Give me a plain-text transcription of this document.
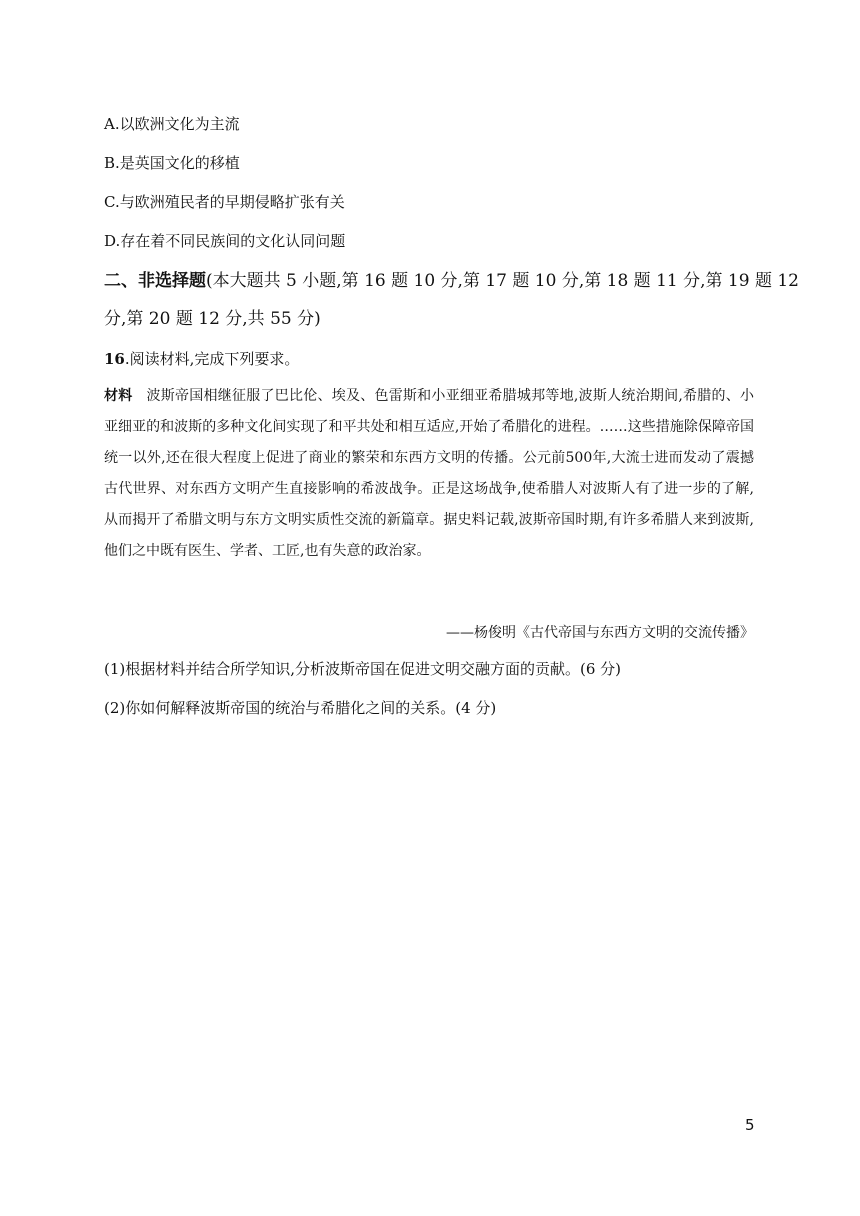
A.以欧洲文化为主流
B.是英国文化的移植
C.与欧洲殖民者的早期侵略扩张有关
D.存在着不同民族间的文化认同问题
二、非选择题(本大题共 5 小题,第 16 题 10 分,第 17 题 10 分,第 18 题 11 分,第 19 题 12
分,第 20 题 12 分,共 55 分)
16.阅读材料,完成下列要求。
材料 波斯帝国相继征服了巴比伦、埃及、色雷斯和小亚细亚希腊城邦等地,波斯人统治期间,希腊的、小亚细亚的和波斯的多种文化间实现了和平共处和相互适应,开始了希腊化的进程。……这些措施除保障帝国统一以外,还在很大程度上促进了商业的繁荣和东西方文明的传播。公元前500年,大流士进而发动了震撼古代世界、对东西方文明产生直接影响的希波战争。正是这场战争,使希腊人对波斯人有了进一步的了解,从而揭开了希腊文明与东方文明实质性交流的新篇章。据史料记载,波斯帝国时期,有许多希腊人来到波斯,他们之中既有医生、学者、工匠,也有失意的政治家。
——杨俊明《古代帝国与东西方文明的交流传播》
(1)根据材料并结合所学知识,分析波斯帝国在促进文明交融方面的贡献。(6 分)
(2)你如何解释波斯帝国的统治与希腊化之间的关系。(4 分)
5
